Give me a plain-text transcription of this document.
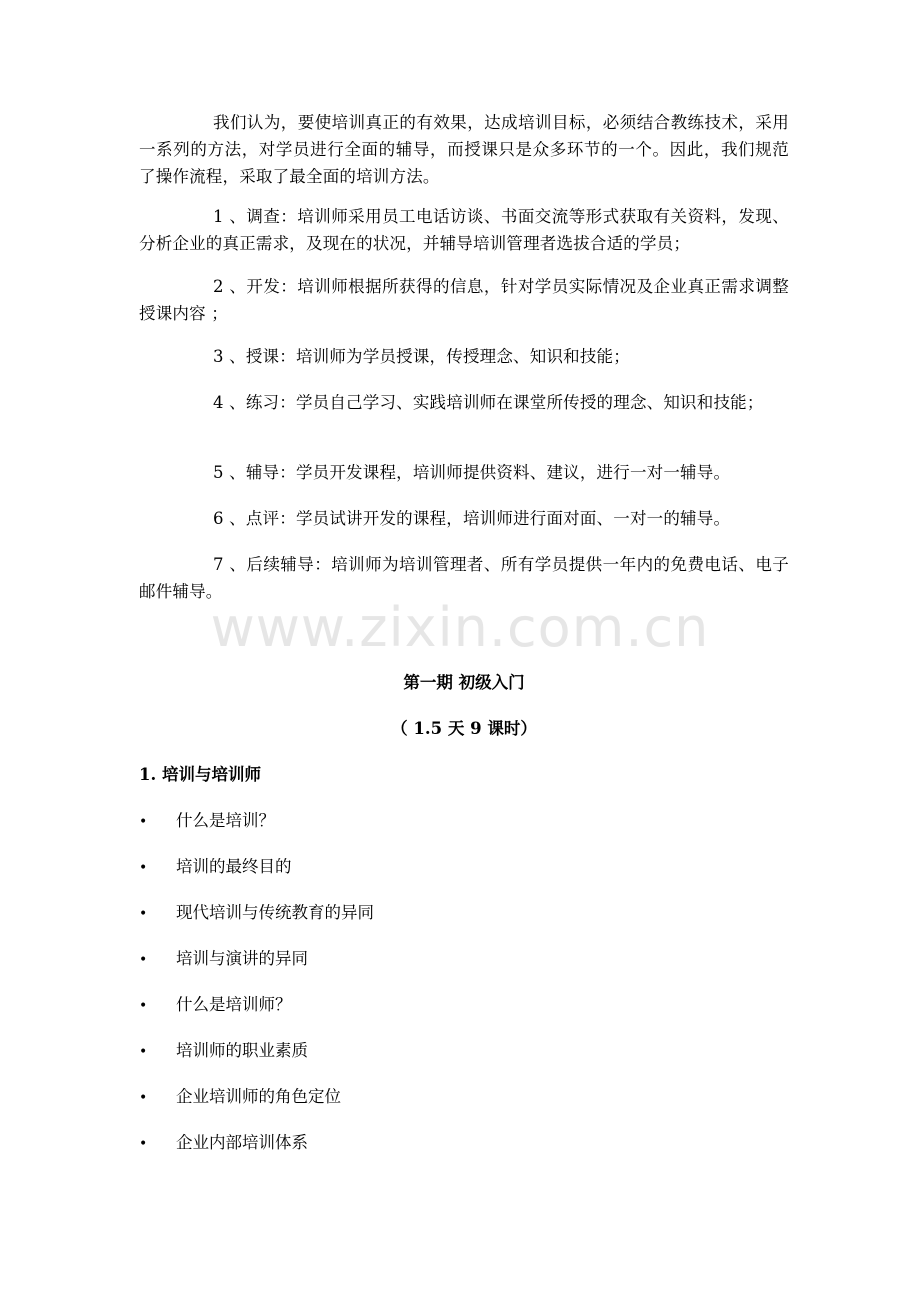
我们认为，要使培训真正的有效果，达成培训目标，必须结合教练技术，采用一系列的方法，对学员进行全面的辅导，而授课只是众多环节的一个。因此，我们规范了操作流程，采取了最全面的培训方法。

1 、调查：培训师采用员工电话访谈、书面交流等形式获取有关资料，发现、分析企业的真正需求，及现在的状况，并辅导培训管理者选拔合适的学员；

2 、开发：培训师根据所获得的信息，针对学员实际情况及企业真正需求调整授课内容 ；

3 、授课：培训师为学员授课，传授理念、知识和技能；

4 、练习：学员自己学习、实践培训师在课堂所传授的理念、知识和技能；

5 、辅导：学员开发课程，培训师提供资料、建议，进行一对一辅导。

6 、点评：学员试讲开发的课程，培训师进行面对面、一对一的辅导。

7 、后续辅导：培训师为培训管理者、所有学员提供一年内的免费电话、电子邮件辅导。

www.zixin.com.cn

第一期 初级入门

（ 1.5 天 9 课时）

1. 培训与培训师

•	什么是培训？
•	培训的最终目的
•	现代培训与传统教育的异同
•	培训与演讲的异同
•	什么是培训师？
•	培训师的职业素质
•	企业培训师的角色定位
•	企业内部培训体系
